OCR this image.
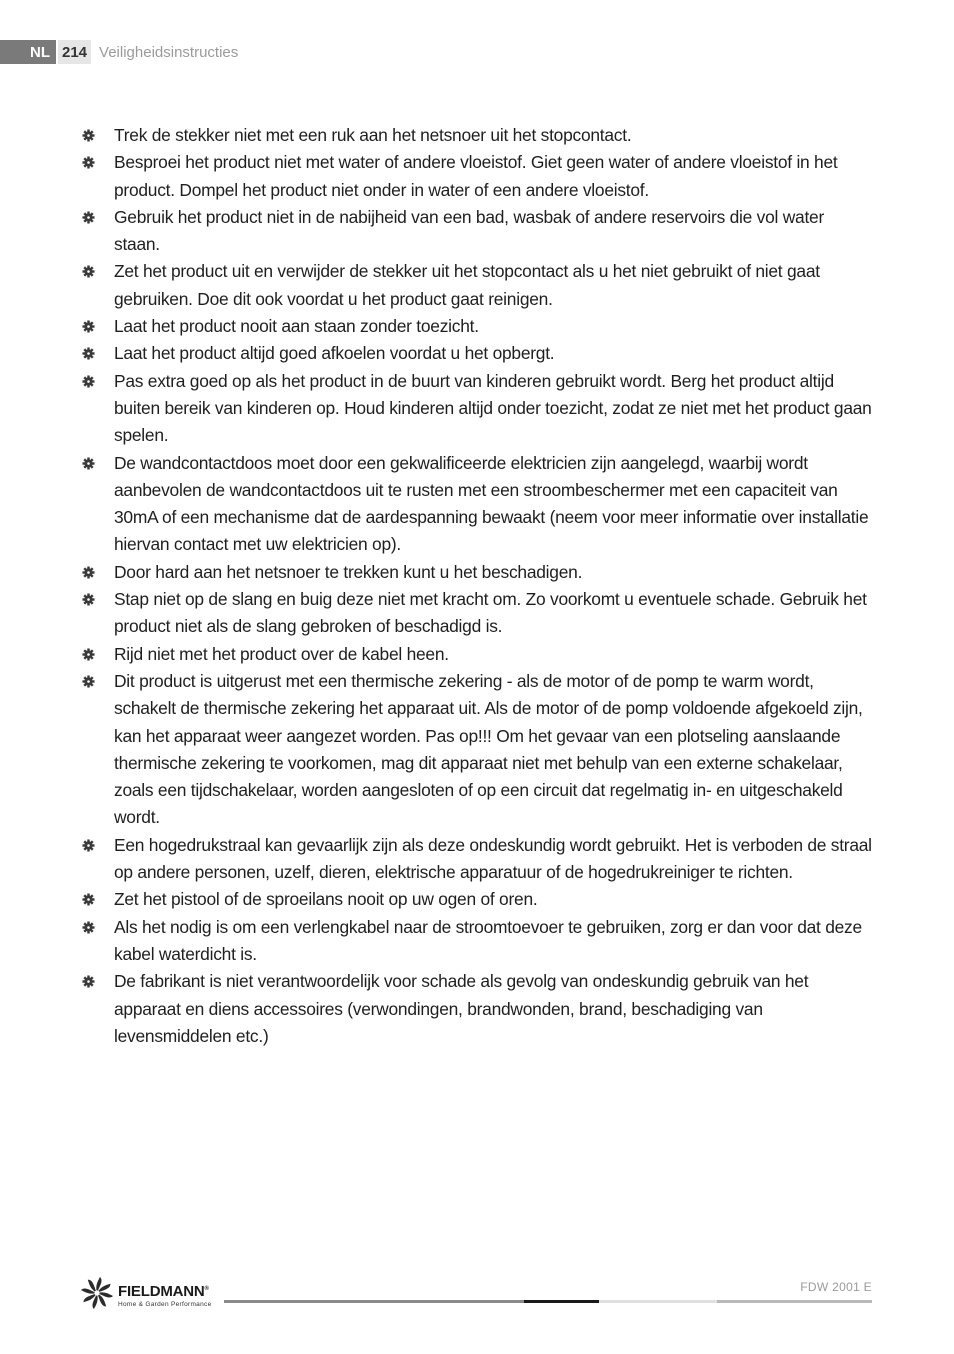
NL 214 Veiligheidsinstructies
Trek de stekker niet met een ruk aan het netsnoer uit het stopcontact.
Besproei het product niet met water of andere vloeistof. Giet geen water of andere vloeistof in het product. Dompel het product niet onder in water of een andere vloeistof.
Gebruik het product niet in de nabijheid van een bad, wasbak of andere reservoirs die vol water staan.
Zet het product uit en verwijder de stekker uit het stopcontact als u het niet gebruikt of niet gaat gebruiken. Doe dit ook voordat u het product gaat reinigen.
Laat het product nooit aan staan zonder toezicht.
Laat het product altijd goed afkoelen voordat u het opbergt.
Pas extra goed op als het product in de buurt van kinderen gebruikt wordt. Berg het product altijd buiten bereik van kinderen op. Houd kinderen altijd onder toezicht, zodat ze niet met het product gaan spelen.
De wandcontactdoos moet door een gekwalificeerde elektricien zijn aangelegd, waarbij wordt aanbevolen de wandcontactdoos uit te rusten met een stroombeschermer met een capaciteit van 30mA of een mechanisme dat de aardespanning bewaakt (neem voor meer informatie over installatie hiervan contact met uw elektricien op).
Door hard aan het netsnoer te trekken kunt u het beschadigen.
Stap niet op de slang en buig deze niet met kracht om. Zo voorkomt u eventuele schade. Gebruik het product niet als de slang gebroken of beschadigd is.
Rijd niet met het product over de kabel heen.
Dit product is uitgerust met een thermische zekering - als de motor of de pomp te warm wordt, schakelt de thermische zekering het apparaat uit. Als de motor of de pomp voldoende afgekoeld zijn, kan het apparaat weer aangezet worden. Pas op!!! Om het gevaar van een plotseling aanslaande thermische zekering te voorkomen, mag dit apparaat niet met behulp van een externe schakelaar, zoals een tijdschakelaar, worden aangesloten of op een circuit dat regelmatig in- en uitgeschakeld wordt.
Een hogedrukstraal kan gevaarlijk zijn als deze ondeskundig wordt gebruikt. Het is verboden de straal op andere personen, uzelf, dieren, elektrische apparatuur of de hogedrukreiniger te richten.
Zet het pistool of de sproeilans nooit op uw ogen of oren.
Als het nodig is om een verlengkabel naar de stroomtoevoer te gebruiken, zorg er dan voor dat deze kabel waterdicht is.
De fabrikant is niet verantwoordelijk voor schade als gevolg van ondeskundig gebruik van het apparaat en diens accessoires (verwondingen, brandwonden, brand, beschadiging van levensmiddelen etc.)
FIELDMANN®
Home & Garden Performance
FDW 2001 E
